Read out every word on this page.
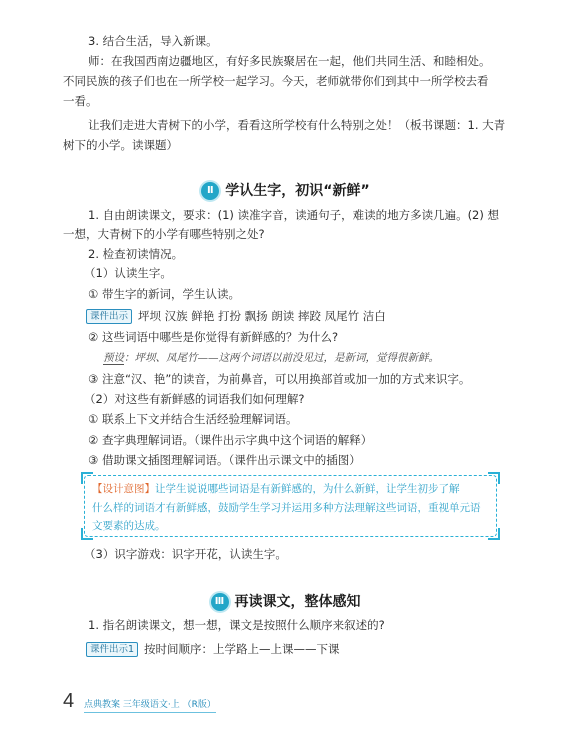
3. 结合生活，导入新课。
师：在我国西南边疆地区，有好多民族聚居在一起，他们共同生活、和睦相处。
不同民族的孩子们也在一所学校一起学习。今天，老师就带你们到其中一所学校去看
一看。
让我们走进大青树下的小学，看看这所学校有什么特别之处！（板书课题：1. 大青
树下的小学。读课题）
Ⅱ 学认生字，初识“新鲜”
1. 自由朗读课文，要求：(1) 读准字音，读通句子，难读的地方多读几遍。(2) 想
一想，大青树下的小学有哪些特别之处?
2. 检查初读情况。
（1）认读生字。
① 带生字的新词，学生认读。
课件出示 坪坝 汉族 鲜艳 打扮 飘扬 朗读 摔跤 凤尾竹 洁白
② 这些词语中哪些是你觉得有新鲜感的？为什么?
预设：坪坝、凤尾竹——这两个词语以前没见过，是新词，觉得很新鲜。
③ 注意“汉、艳”的读音，为前鼻音，可以用换部首或加一加的方式来识字。
（2）对这些有新鲜感的词语我们如何理解?
① 联系上下文并结合生活经验理解词语。
② 查字典理解词语。（课件出示字典中这个词语的解释）
③ 借助课文插图理解词语。（课件出示课文中的插图）
【设计意图】让学生说说哪些词语是有新鲜感的，为什么新鲜，让学生初步了解
什么样的词语才有新鲜感，鼓励学生学习并运用多种方法理解这些词语，重视单元语
文要素的达成。
（3）识字游戏：识字开花，认读生字。
Ⅲ 再读课文，整体感知
1. 指名朗读课文，想一想，课文是按照什么顺序来叙述的?
课件出示1 按时间顺序：上学路上—上课——下课
4 点典教案 三年级语文·上 （R版）
